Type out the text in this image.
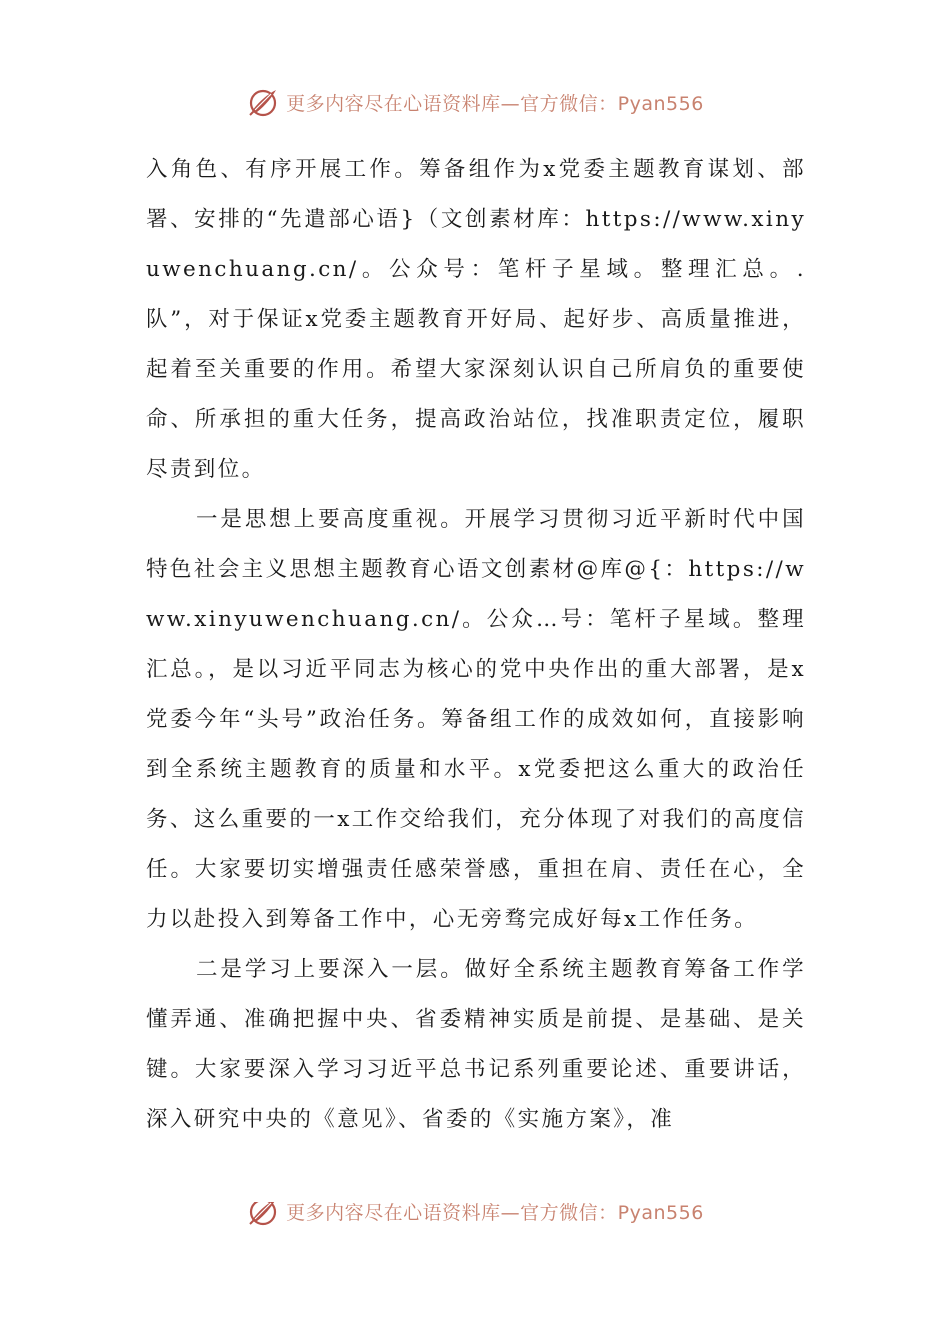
更多内容尽在心语资料库—官方微信：Pyan556

入角色、有序开展工作。筹备组作为x党委主题教育谋划、部署、安排的“先遣部心语}（文创素材库：https://www.xinyuwenchuang.cn/。公众号：笔杆子星域。整理汇总。.队”，对于保证x党委主题教育开好局、起好步、高质量推进，起着至关重要的作用。希望大家深刻认识自己所肩负的重要使命、所承担的重大任务，提高政治站位，找准职责定位，履职尽责到位。

一是思想上要高度重视。开展学习贯彻习近平新时代中国特色社会主义思想主题教育心语文创素材@库@{：https://www.xinyuwenchuang.cn/。公众…号：笔杆子星域。整理汇总。，是以习近平同志为核心的党中央作出的重大部署，是x党委今年“头号”政治任务。筹备组工作的成效如何，直接影响到全系统主题教育的质量和水平。x党委把这么重大的政治任务、这么重要的一x工作交给我们，充分体现了对我们的高度信任。大家要切实增强责任感荣誉感，重担在肩、责任在心，全力以赴投入到筹备工作中，心无旁骛完成好每x工作任务。

二是学习上要深入一层。做好全系统主题教育筹备工作学懂弄通、准确把握中央、省委精神实质是前提、是基础、是关键。大家要深入学习习近平总书记系列重要论述、重要讲话，深入研究中央的《意见》、省委的《实施方案》，准

更多内容尽在心语资料库—官方微信：Pyan556
